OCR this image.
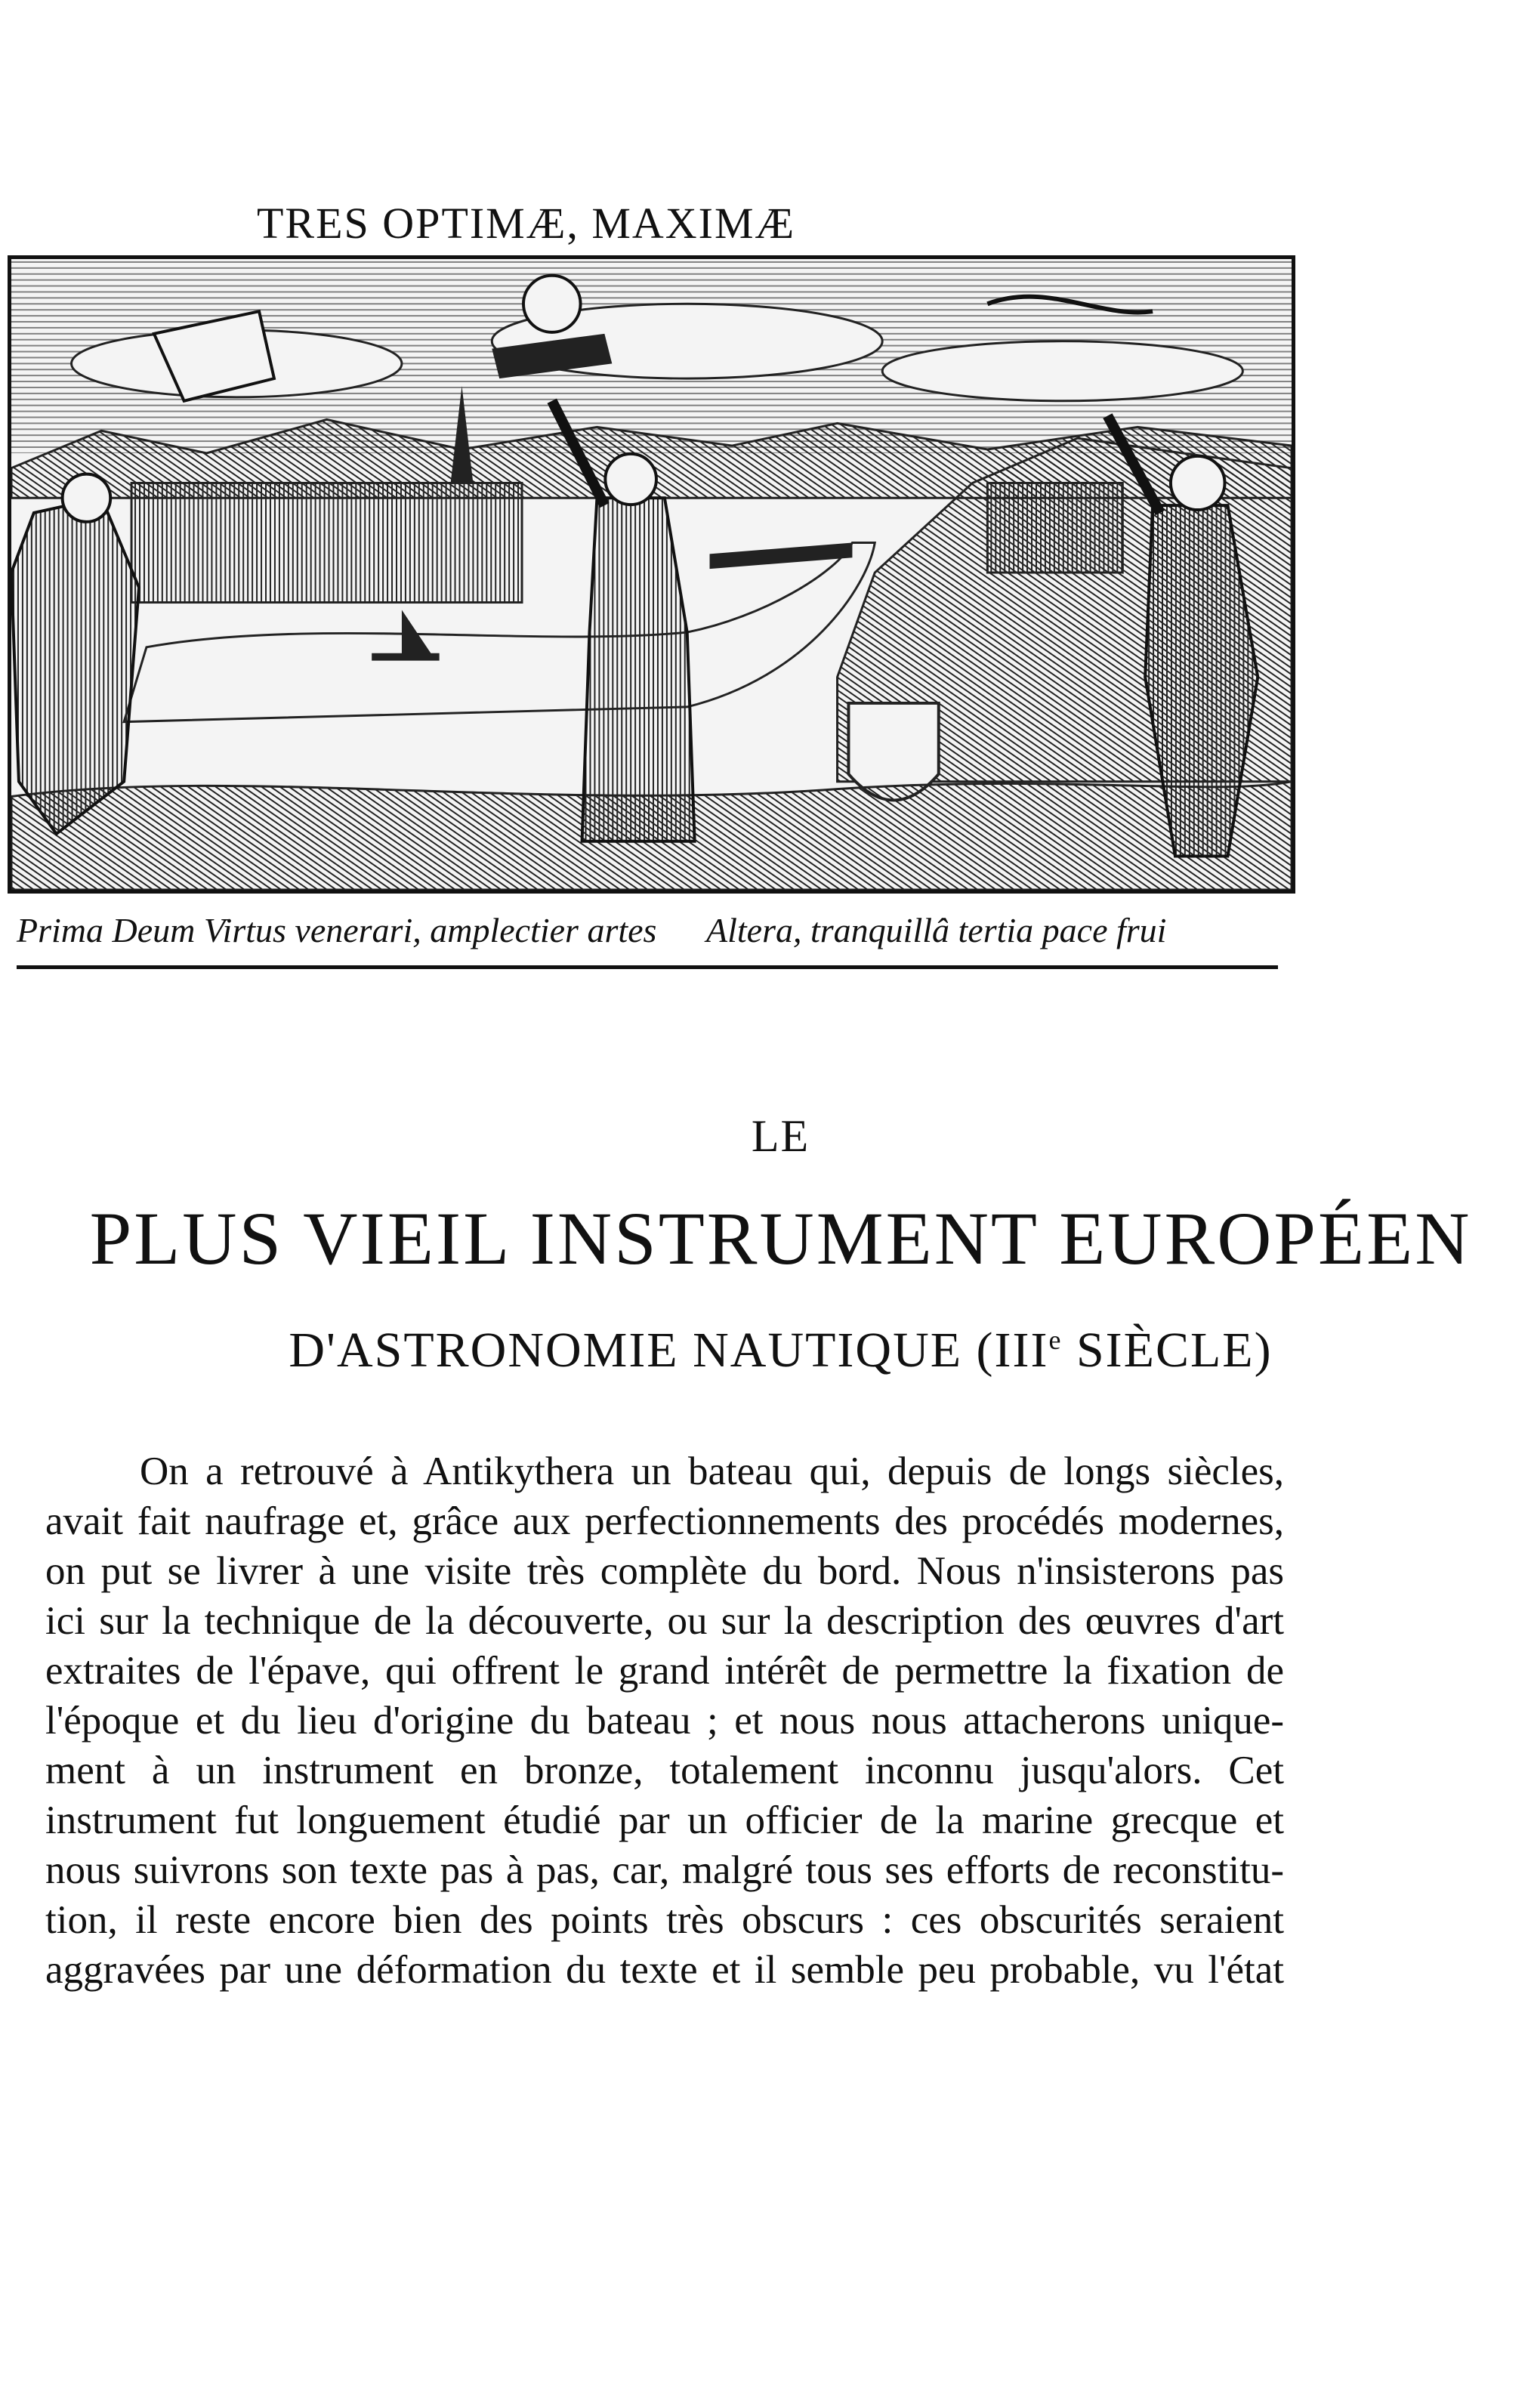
TRES OPTIMÆ, MAXIMÆ
Prima Deum Virtus venerari, amplectier artes Altera, tranquillâ tertia pace frui
LE
PLUS VIEIL INSTRUMENT EUROPÉEN
D'ASTRONOMIE NAUTIQUE (IIIe SIÈCLE)
On a retrouvé à Antikythera un bateau qui, depuis de longs siècles,
avait fait naufrage et, grâce aux perfectionnements des procédés modernes,
on put se livrer à une visite très complète du bord. Nous n'insisterons pas
ici sur la technique de la découverte, ou sur la description des œuvres d'art
extraites de l'épave, qui offrent le grand intérêt de permettre la fixation de
l'époque et du lieu d'origine du bateau ; et nous nous attacherons unique-
ment à un instrument en bronze, totalement inconnu jusqu'alors. Cet
instrument fut longuement étudié par un officier de la marine grecque et
nous suivrons son texte pas à pas, car, malgré tous ses efforts de reconstitu-
tion, il reste encore bien des points très obscurs : ces obscurités seraient
aggravées par une déformation du texte et il semble peu probable, vu l'état
